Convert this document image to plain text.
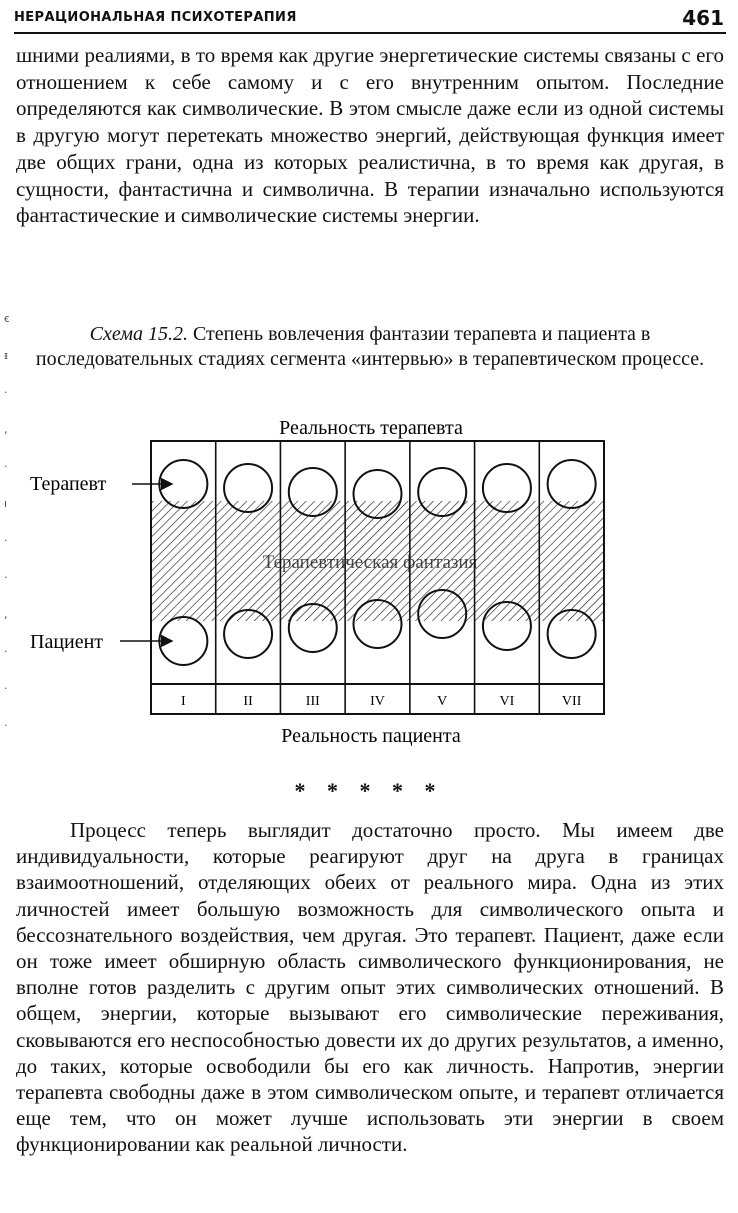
НЕРАЦИОНАЛЬНАЯ ПСИХОТЕРАПИЯ	461

шними реалиями, в то время как другие энергетические системы связаны с его отношением к себе самому и с его внутренним опытом. Последние определяются как символические. В этом смысле даже если из одной системы в другую могут перетекать множество энергий, действующая функция имеет две общих грани, одна из которых реалистична, в то время как другая, в сущности, фантастична и символична. В терапии изначально используются фантастические и символические системы энергии.

ꞓ
ᵻ
·
‚
·
ı
·
·
‚
·
·
·
Схема 15.2. Степень вовлечения фантазии терапевта и пациента в последовательных стадиях сегмента «интервью» в терапевтическом процессе.
Реальность терапевта
Терапевтическая фантазия
I	II	III	IV	V	VI	VII
Терапевт
Пациент
Реальность пациента
* * * * *

Процесс теперь выглядит достаточно просто. Мы имеем две индивидуальности, которые реагируют друг на друга в границах взаимоотношений, отделяющих обеих от реального мира. Одна из этих личностей имеет большую возможность для символического опыта и бессознательного воздействия, чем другая. Это терапевт. Пациент, даже если он тоже имеет обширную область символического функционирования, не вполне готов разделить с другим опыт этих символических отношений. В общем, энергии, которые вызывают его символические переживания, сковываются его неспособностью довести их до других результатов, а именно, до таких, которые освободили бы его как личность. Напротив, энергии терапевта свободны даже в этом символическом опыте, и терапевт отличается еще тем, что он может лучше использовать эти энергии в своем функционировании как реальной личности.
